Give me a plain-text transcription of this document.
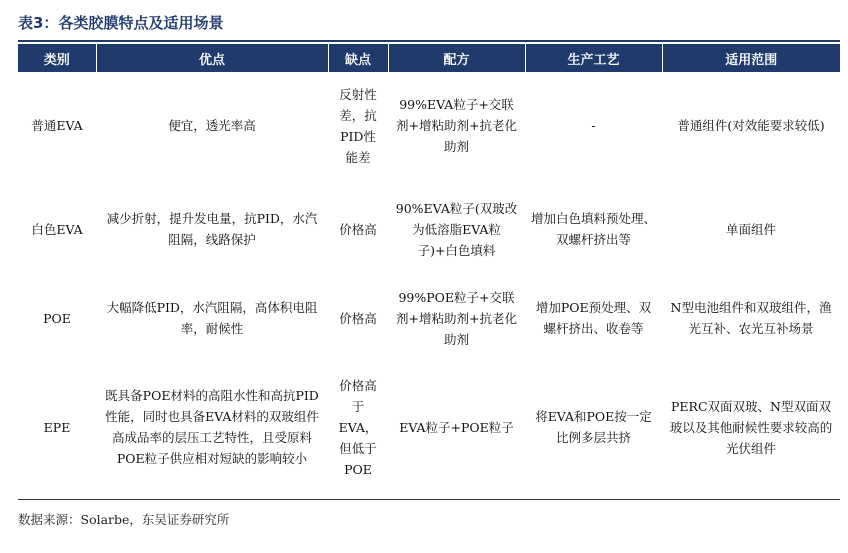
表3：各类胶膜特点及适用场景
类别	优点	缺点	配方	生产工艺	适用范围
普通EVA	便宜，透光率高	反射性差，抗PID性能差	99%EVA粒子+交联剂+增粘助剂+抗老化助剂	-	普通组件(对效能要求较低)
白色EVA	减少折射，提升发电量，抗PID，水汽阻隔，线路保护	价格高	90%EVA粒子(双玻改为低溶脂EVA粒子)+白色填料	增加白色填料预处理、双螺杆挤出等	单面组件
POE	大幅降低PID，水汽阻隔，高体积电阻率，耐候性	价格高	99%POE粒子+交联剂+增粘助剂+抗老化助剂	增加POE预处理、双螺杆挤出、收卷等	N型电池组件和双玻组件，渔光互补、农光互补场景
EPE	既具备POE材料的高阻水性和高抗PID性能，同时也具备EVA材料的双玻组件高成品率的层压工艺特性，且受原料POE粒子供应相对短缺的影响较小	价格高于EVA，但低于POE	EVA粒子+POE粒子	将EVA和POE按一定比例多层共挤	PERC双面双玻、N型双面双玻以及其他耐候性要求较高的光伏组件
数据来源：Solarbe，东吴证券研究所
